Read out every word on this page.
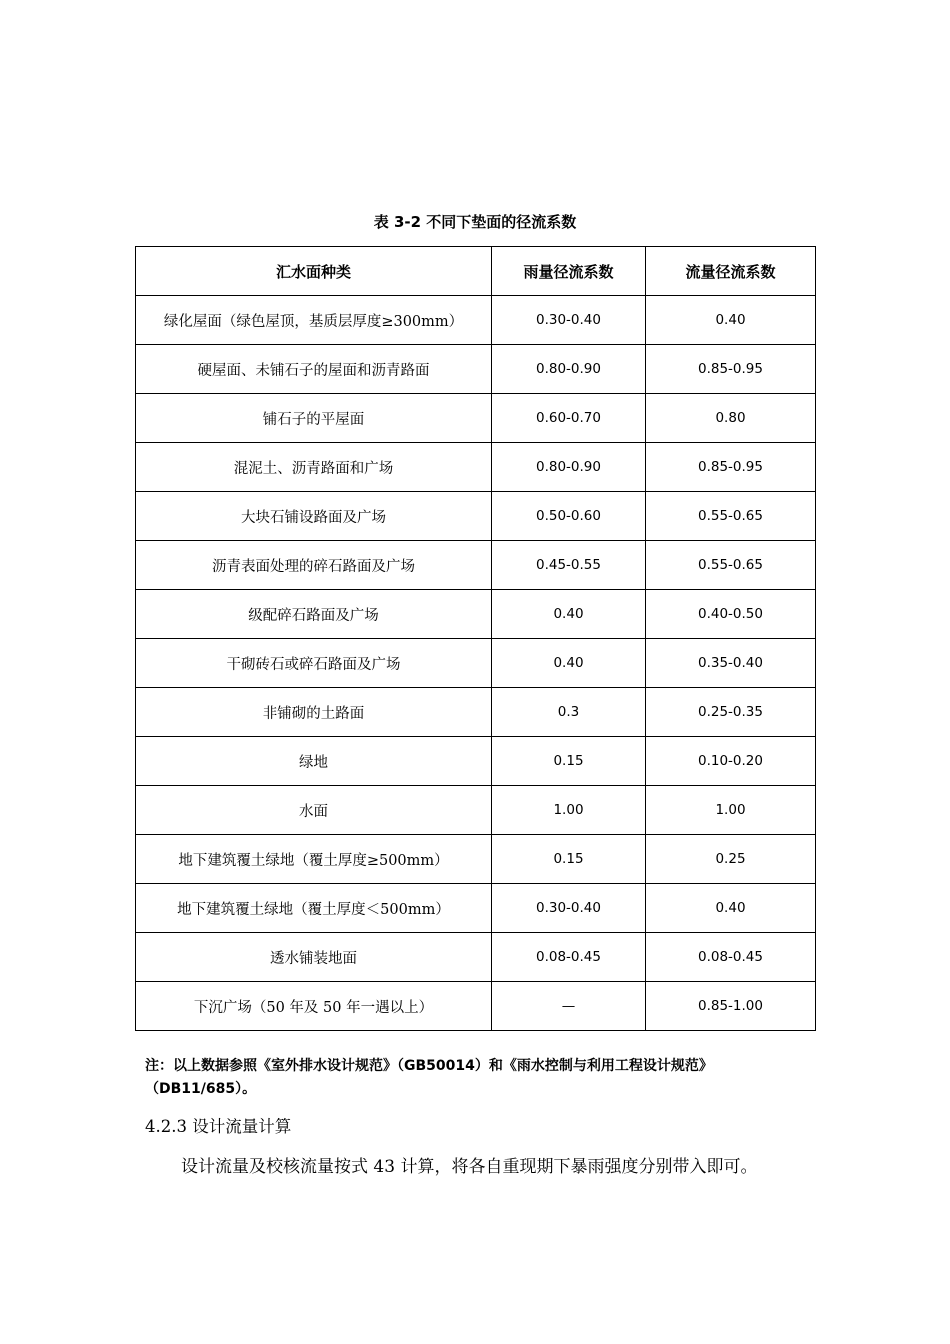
表 3-2 不同下垫面的径流系数
汇水面种类	雨量径流系数	流量径流系数
绿化屋面（绿色屋顶，基质层厚度≥300mm）	0.30-0.40	0.40
硬屋面、未铺石子的屋面和沥青路面	0.80-0.90	0.85-0.95
铺石子的平屋面	0.60-0.70	0.80
混泥土、沥青路面和广场	0.80-0.90	0.85-0.95
大块石铺设路面及广场	0.50-0.60	0.55-0.65
沥青表面处理的碎石路面及广场	0.45-0.55	0.55-0.65
级配碎石路面及广场	0.40	0.40-0.50
干砌砖石或碎石路面及广场	0.40	0.35-0.40
非铺砌的土路面	0.3	0.25-0.35
绿地	0.15	0.10-0.20
水面	1.00	1.00
地下建筑覆土绿地（覆土厚度≥500mm）	0.15	0.25
地下建筑覆土绿地（覆土厚度＜500mm）	0.30-0.40	0.40
透水铺装地面	0.08-0.45	0.08-0.45
下沉广场（50 年及 50 年一遇以上）	—	0.85-1.00
注：以上数据参照《室外排水设计规范》（GB50014）和《雨水控制与利用工程设计规范》（DB11/685）。
4.2.3 设计流量计算
设计流量及校核流量按式 43 计算，将各自重现期下暴雨强度分别带入即可。
